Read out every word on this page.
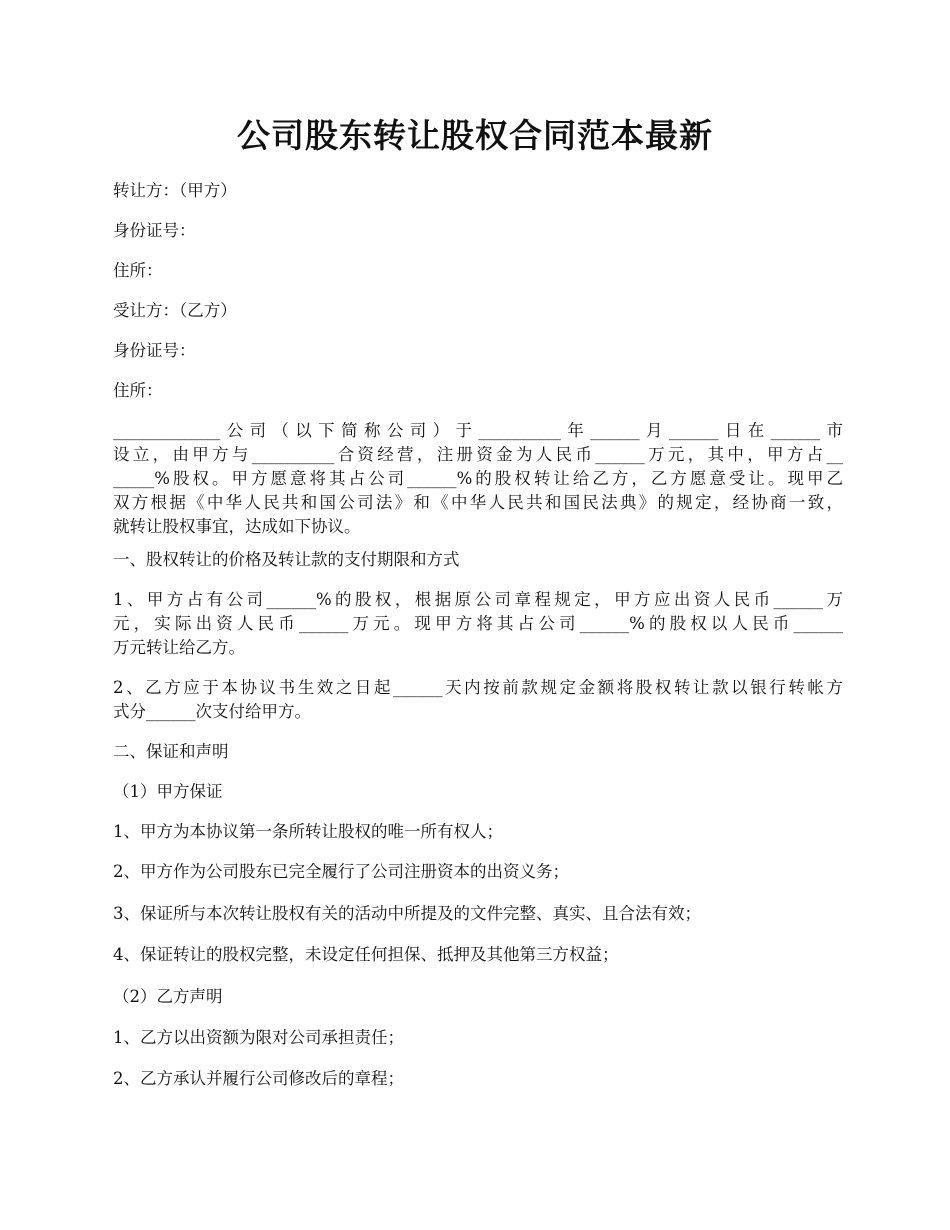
公司股东转让股权合同范本最新

转让方：（甲方）

身份证号：

住所：

受让方：（乙方）

身份证号：

住所：

_____________公司（以下简称公司）于__________年______月______日在______市
设立，由甲方与__________合资经营，注册资金为人民币______万元，其中，甲方占__
_____%股权。甲方愿意将其占公司______%的股权转让给乙方，乙方愿意受让。现甲乙
双方根据《中华人民共和国公司法》和《中华人民共和国民法典》的规定，经协商一致，
就转让股权事宜，达成如下协议。

一、股权转让的价格及转让款的支付期限和方式

1、甲方占有公司______%的股权，根据原公司章程规定，甲方应出资人民币______万
元，实际出资人民币______万元。现甲方将其占公司______%的股权以人民币______
万元转让给乙方。
2、乙方应于本协议书生效之日起______天内按前款规定金额将股权转让款以银行转帐方
式分______次支付给甲方。

二、保证和声明

（1）甲方保证

1、甲方为本协议第一条所转让股权的唯一所有权人；

2、甲方作为公司股东已完全履行了公司注册资本的出资义务；

3、保证所与本次转让股权有关的活动中所提及的文件完整、真实、且合法有效；

4、保证转让的股权完整，未设定任何担保、抵押及其他第三方权益；

（2）乙方声明

1、乙方以出资额为限对公司承担责任；

2、乙方承认并履行公司修改后的章程；
